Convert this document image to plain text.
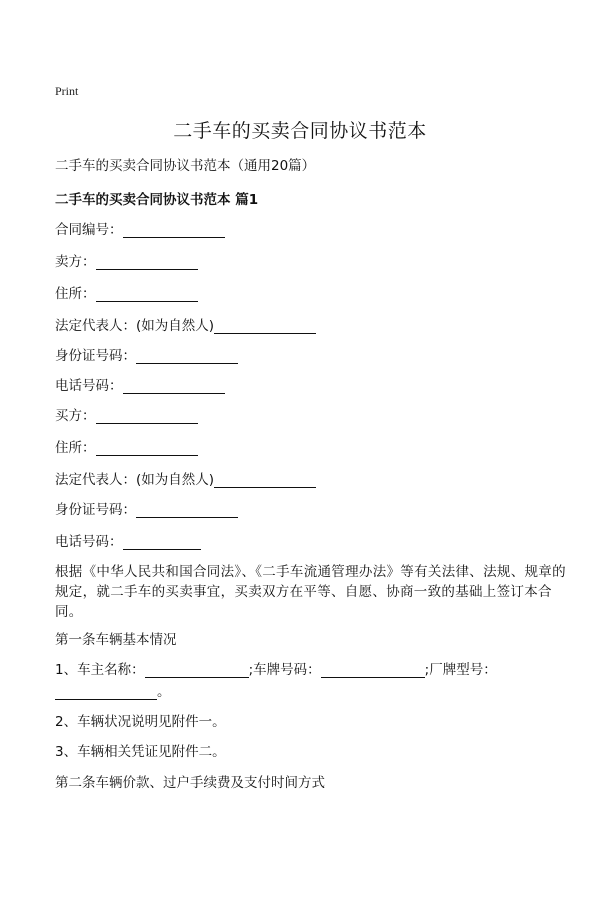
Print
二手车的买卖合同协议书范本
二手车的买卖合同协议书范本（通用20篇）
二手车的买卖合同协议书范本 篇1
合同编号：
卖方：
住所：
法定代表人：(如为自然人)
身份证号码：
电话号码：
买方：
住所：
法定代表人：(如为自然人)
身份证号码：
电话号码：
根据《中华人民共和国合同法》、《二手车流通管理办法》等有关法律、法规、规章的规定，就二手车的买卖事宜，买卖双方在平等、自愿、协商一致的基础上签订本合同。
第一条车辆基本情况
1、车主名称：	;车牌号码：	;厂牌型号：
。
2、车辆状况说明见附件一。
3、车辆相关凭证见附件二。
第二条车辆价款、过户手续费及支付时间方式
